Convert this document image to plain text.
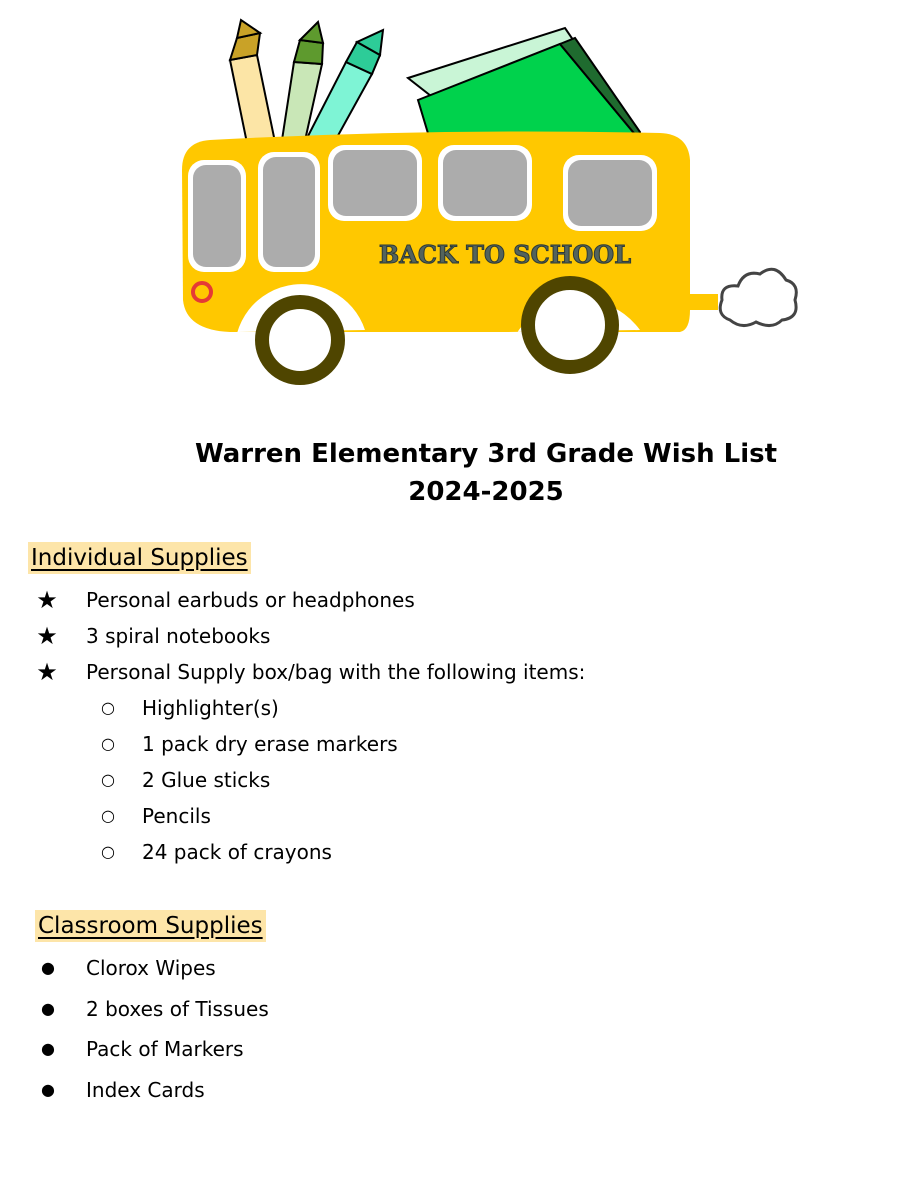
BACK TO SCHOOL
Warren Elementary 3rd Grade Wish List
2024-2025
Individual Supplies
★	Personal earbuds or headphones
★	3 spiral notebooks
★	Personal Supply box/bag with the following items:
○	Highlighter(s)
○	1 pack dry erase markers
○	2 Glue sticks
○	Pencils
○	24 pack of crayons
Classroom Supplies
●	Clorox Wipes
●	2 boxes of Tissues
●	Pack of Markers
●	Index Cards
